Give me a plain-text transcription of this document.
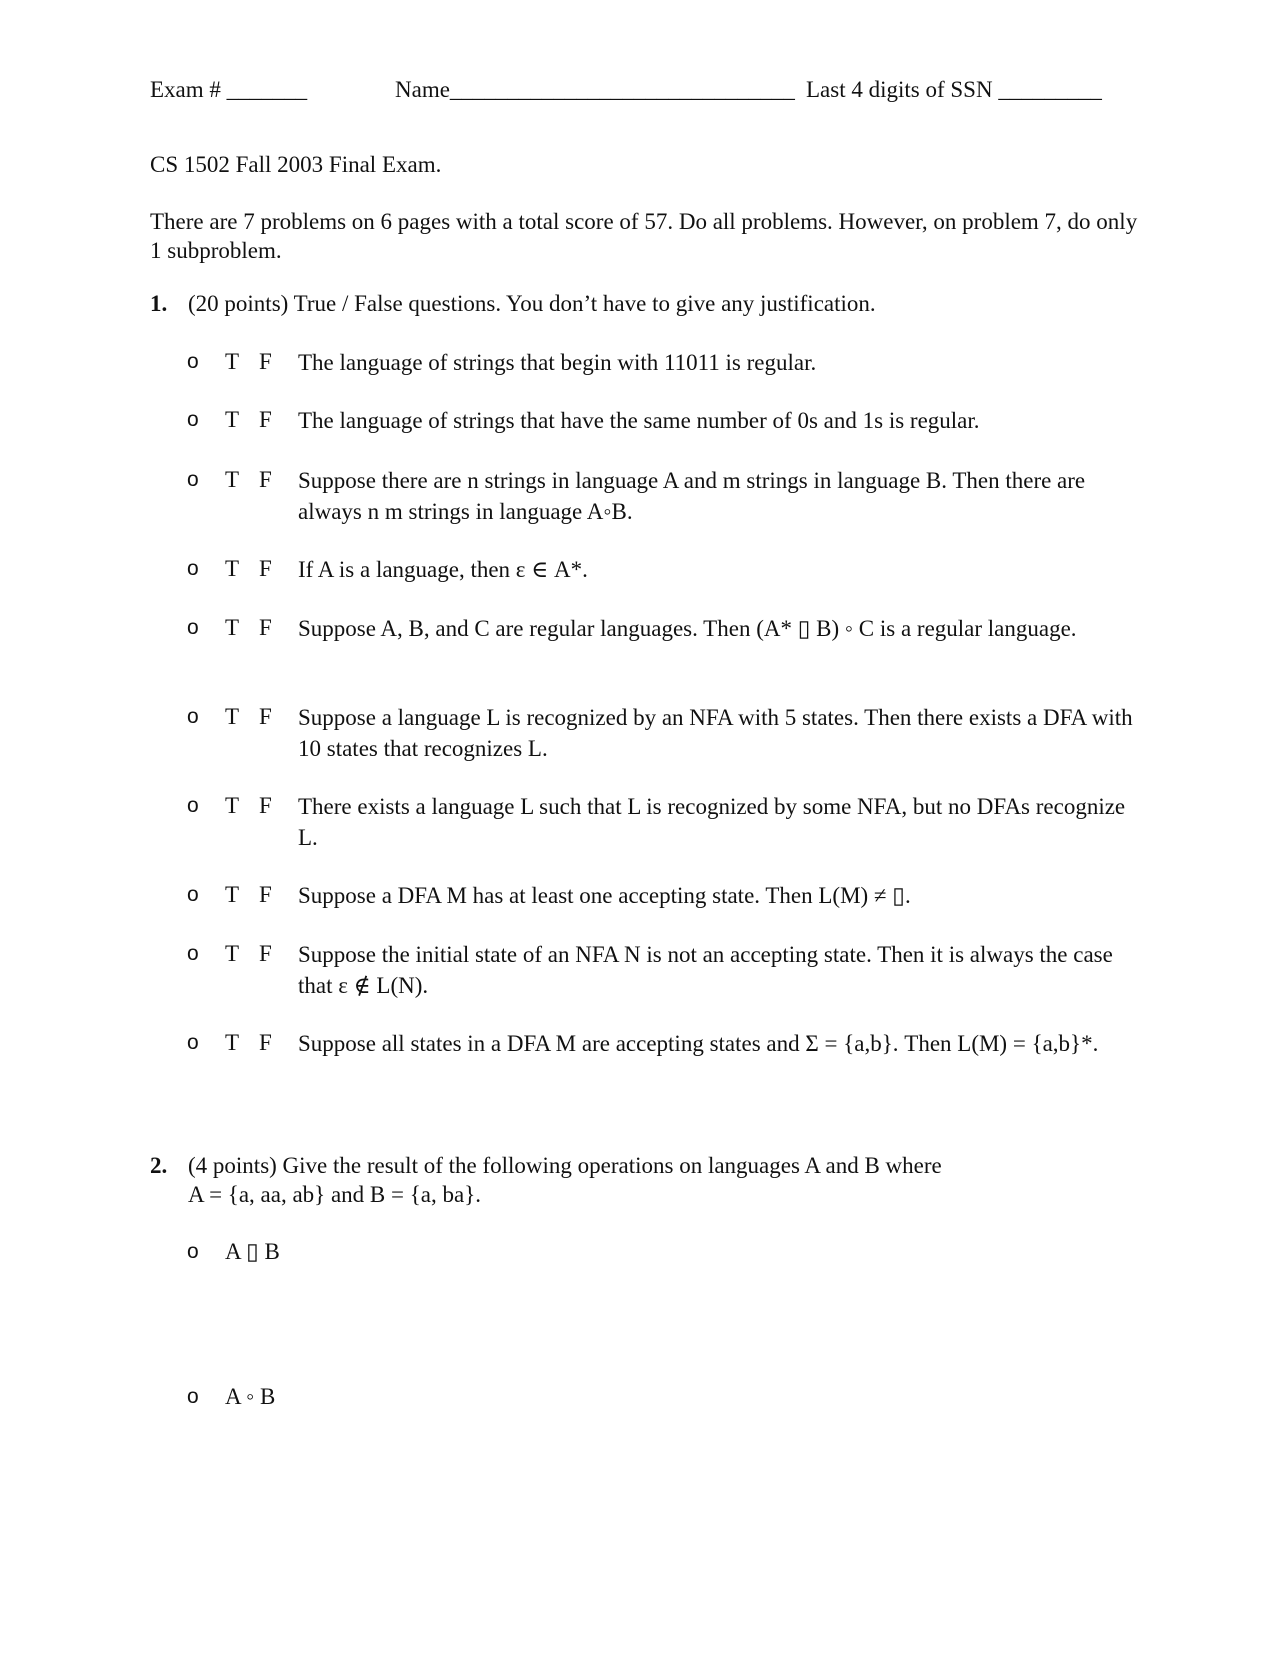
Exam # _______	Name______________________________ Last 4 digits of SSN _________
CS 1502 Fall 2003 Final Exam.
There are 7 problems on 6 pages with a total score of 57. Do all problems. However, on problem 7, do only 1 subproblem.
1. (20 points) True / False questions. You don’t have to give any justification.
o T F The language of strings that begin with 11011 is regular.
o T F The language of strings that have the same number of 0s and 1s is regular.
o T F Suppose there are n strings in language A and m strings in language B. Then there are always n m strings in language A◦B.
o T F If A is a language, then ε ∈ A*.
o T F Suppose A, B, and C are regular languages. Then (A* ▯ B) ◦ C is a regular language.
o T F Suppose a language L is recognized by an NFA with 5 states. Then there exists a DFA with 10 states that recognizes L.
o T F There exists a language L such that L is recognized by some NFA, but no DFAs recognize L.
o T F Suppose a DFA M has at least one accepting state. Then L(M) ≠ ▯.
o T F Suppose the initial state of an NFA N is not an accepting state. Then it is always the case that ε ∉ L(N).
o T F Suppose all states in a DFA M are accepting states and Σ = {a,b}. Then L(M) = {a,b}*.
2. (4 points) Give the result of the following operations on languages A and B where
A = {a, aa, ab} and B = {a, ba}.
o A ▯ B
o A ◦ B
